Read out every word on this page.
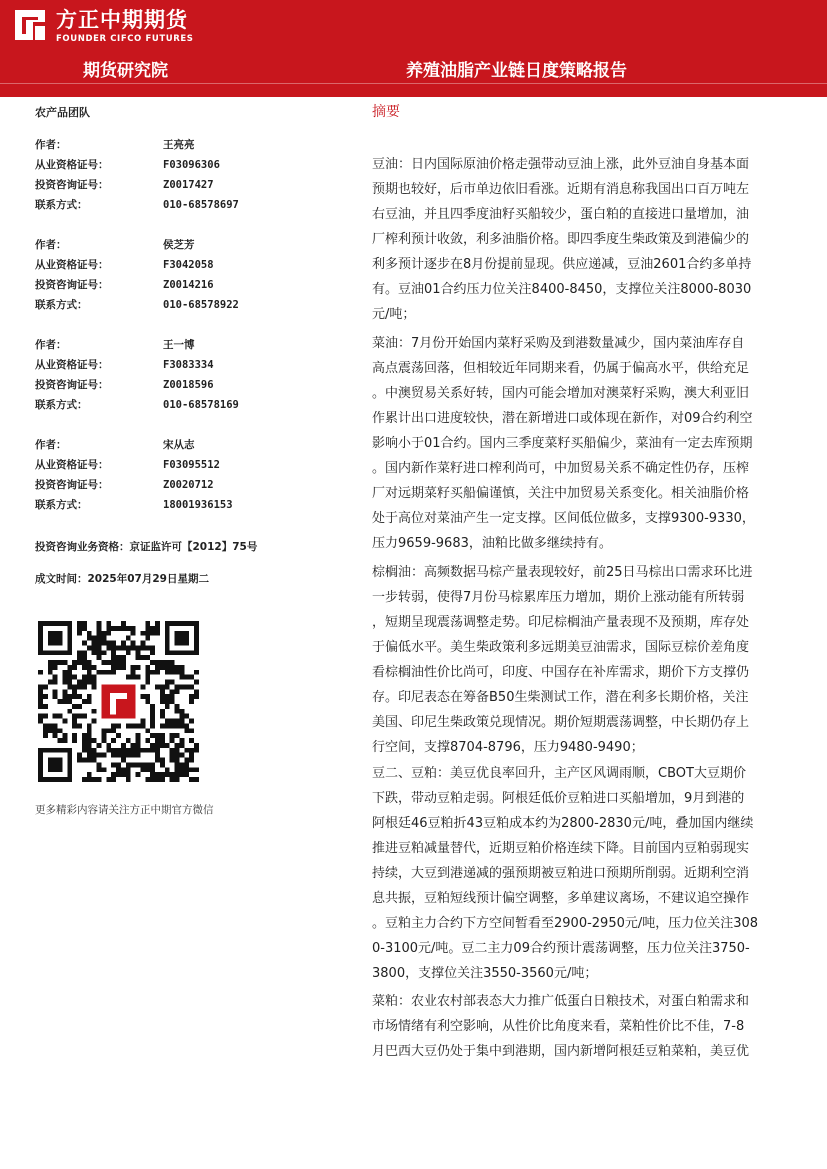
方正中期期货
FOUNDER CIFCO FUTURES
期货研究院	养殖油脂产业链日度策略报告
农产品团队
作者：	王亮亮
从业资格证号：	F03096306
投资咨询证号：	Z0017427
联系方式：	010-68578697
作者：	侯芝芳
从业资格证号：	F3042058
投资咨询证号：	Z0014216
联系方式：	010-68578922
作者：	王一博
从业资格证号：	F3083334
投资咨询证号：	Z0018596
联系方式：	010-68578169
作者：	宋从志
从业资格证号：	F03095512
投资咨询证号：	Z0020712
联系方式：	18001936153
投资咨询业务资格：京证监许可【2012】75号
成文时间：2025年07月29日星期二
更多精彩内容请关注方正中期官方微信
摘要
豆油：日内国际原油价格走强带动豆油上涨，此外豆油自身基本面
预期也较好，后市单边依旧看涨。近期有消息称我国出口百万吨左
右豆油，并且四季度油籽买船较少，蛋白粕的直接进口量增加，油
厂榨利预计收敛，利多油脂价格。即四季度生柴政策及到港偏少的
利多预计逐步在8月份提前显现。供应递减，豆油2601合约多单持
有。豆油01合约压力位关注8400-8450，支撑位关注8000-8030
元/吨；
菜油：7月份开始国内菜籽采购及到港数量减少，国内菜油库存自
高点震荡回落，但相较近年同期来看，仍属于偏高水平，供给充足
。中澳贸易关系好转，国内可能会增加对澳菜籽采购，澳大利亚旧
作累计出口进度较快，潜在新增进口或体现在新作，对09合约利空
影响小于01合约。国内三季度菜籽买船偏少，菜油有一定去库预期
。国内新作菜籽进口榨利尚可，中加贸易关系不确定性仍存，压榨
厂对远期菜籽买船偏谨慎，关注中加贸易关系变化。相关油脂价格
处于高位对菜油产生一定支撑。区间低位做多，支撑9300-9330，
压力9659-9683，油粕比做多继续持有。
棕榈油：高频数据马棕产量表现较好，前25日马棕出口需求环比进
一步转弱，使得7月份马棕累库压力增加，期价上涨动能有所转弱
，短期呈现震荡调整走势。印尼棕榈油产量表现不及预期，库存处
于偏低水平。美生柴政策利多远期美豆油需求，国际豆棕价差角度
看棕榈油性价比尚可，印度、中国存在补库需求，期价下方支撑仍
存。印尼表态在筹备B50生柴测试工作，潜在利多长期价格，关注
美国、印尼生柴政策兑现情况。期价短期震荡调整，中长期仍存上
行空间，支撑8704-8796，压力9480-9490；
豆二、豆粕：美豆优良率回升，主产区风调雨顺，CBOT大豆期价
下跌，带动豆粕走弱。阿根廷低价豆粕进口买船增加，9月到港的
阿根廷46豆粕折43豆粕成本约为2800-2830元/吨，叠加国内继续
推进豆粕减量替代，近期豆粕价格连续下降。目前国内豆粕弱现实
持续，大豆到港递减的强预期被豆粕进口预期所削弱。近期利空消
息共振，豆粕短线预计偏空调整，多单建议离场，不建议追空操作
。豆粕主力合约下方空间暂看至2900-2950元/吨，压力位关注308
0-3100元/吨。豆二主力09合约预计震荡调整，压力位关注3750-
3800，支撑位关注3550-3560元/吨；
菜粕：农业农村部表态大力推广低蛋白日粮技术，对蛋白粕需求和
市场情绪有利空影响，从性价比角度来看，菜粕性价比不佳，7-8
月巴西大豆仍处于集中到港期，国内新增阿根廷豆粕菜粕，美豆优
